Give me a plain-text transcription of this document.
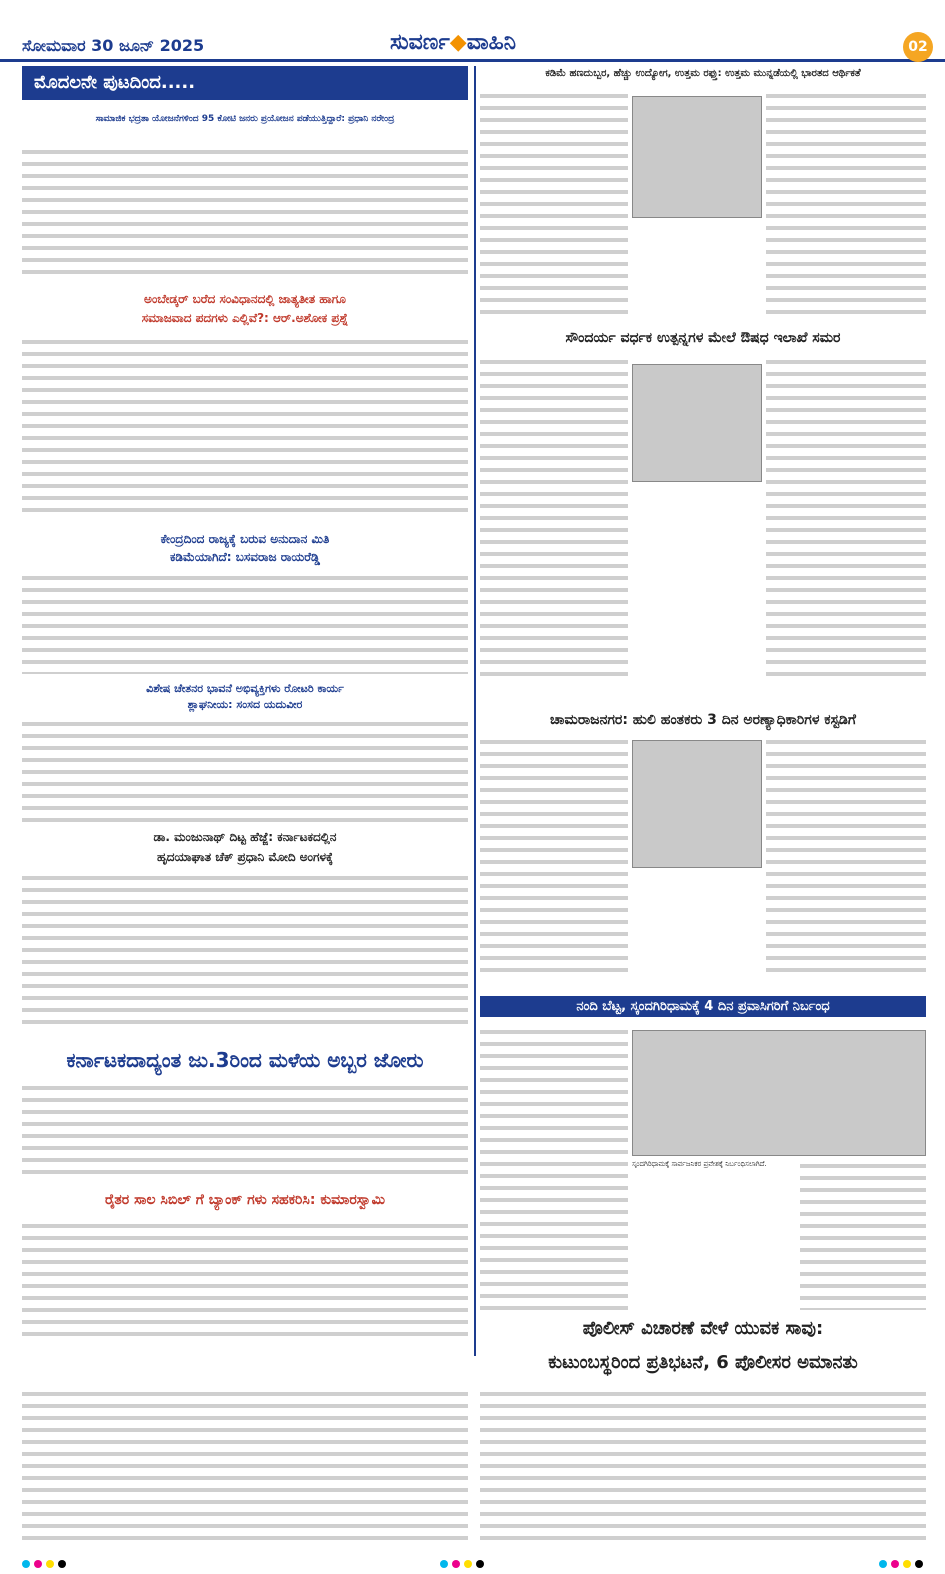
ಸೋಮವಾರ 30 ಜೂನ್ 2025	ಸುವರ್ಣ◆ವಾಹಿನಿ	02
ಮೊದಲನೇ ಪುಟದಿಂದ.....
ಸಾಮಾಜಿಕ ಭದ್ರತಾ ಯೋಜನೆಗಳಿಂದ 95 ಕೋಟಿ ಜನರು ಪ್ರಯೋಜನ ಪಡೆಯುತ್ತಿದ್ದಾರೆ: ಪ್ರಧಾನಿ ನರೇಂದ್ರ
ಅಂಬೇಡ್ಕರ್ ಬರೆದ ಸಂವಿಧಾನದಲ್ಲಿ ಜಾತ್ಯತೀತ ಹಾಗೂ
ಸಮಾಜವಾದ ಪದಗಳು ಎಲ್ಲಿವೆ?: ಆರ್.ಅಶೋಕ ಪ್ರಶ್ನೆ
ಕೇಂದ್ರದಿಂದ ರಾಜ್ಯಕ್ಕೆ ಬರುವ ಅನುದಾನ ಮಿತಿ
ಕಡಿಮೆಯಾಗಿದೆ: ಬಸವರಾಜ ರಾಯರೆಡ್ಡಿ
ವಿಶೇಷ ಚೇತನರ ಭಾವನೆ ಅಭಿವ್ಯಕ್ತಿಗಳು ರೋಟರಿ ಕಾರ್ಯ
ಶ್ಲಾಘನೀಯ: ಸಂಸದ ಯದುವೀರ
ಡಾ. ಮಂಜುನಾಥ್ ದಿಟ್ಟ ಹೆಜ್ಜೆ: ಕರ್ನಾಟಕದಲ್ಲಿನ
ಹೃದಯಾಘಾತ ಚೆಕ್ ಪ್ರಧಾನಿ ಮೋದಿ ಅಂಗಳಕ್ಕೆ
ಕರ್ನಾಟಕದಾದ್ಯಂತ ಜು.3ರಿಂದ ಮಳೆಯ ಅಬ್ಬರ ಜೋರು
ರೈತರ ಸಾಲ ಸಿಬಿಲ್ ಗೆ ಬ್ಯಾಂಕ್ ಗಳು ಸಹಕರಿಸಿ: ಕುಮಾರಸ್ವಾಮಿ
ಕಡಿಮೆ ಹಣದುಬ್ಬರ, ಹೆಚ್ಚು ಉದ್ಯೋಗ, ಉತ್ತಮ ರಫ್ತು: ಉತ್ತಮ ಮುನ್ನಡೆಯಲ್ಲಿ ಭಾರತದ ಆರ್ಥಿಕತೆ
ಸೌಂದರ್ಯ ವರ್ಧಕ ಉತ್ಪನ್ನಗಳ ಮೇಲೆ ಔಷಧ ಇಲಾಖೆ ಸಮರ
ಚಾಮರಾಜನಗರ: ಹುಲಿ ಹಂತಕರು 3 ದಿನ ಅರಣ್ಯಾಧಿಕಾರಿಗಳ ಕಸ್ಟಡಿಗೆ
ನಂದಿ ಬೆಟ್ಟ, ಸ್ಕಂದಗಿರಿಧಾಮಕ್ಕೆ 4 ದಿನ ಪ್ರವಾಸಿಗರಿಗೆ ನಿರ್ಬಂಧ
ಸ್ಕಂದಗಿರಿಧಾಮಕ್ಕೆ ಸಾರ್ವಜನಿಕರ ಪ್ರವೇಶಕ್ಕೆ ನಿರ್ಬಂಧಿಸಲಾಗಿದೆ.
ಪೊಲೀಸ್ ವಿಚಾರಣೆ ವೇಳೆ ಯುವಕ ಸಾವು:
ಕುಟುಂಬಸ್ಥರಿಂದ ಪ್ರತಿಭಟನೆ, 6 ಪೊಲೀಸರ ಅಮಾನತು
